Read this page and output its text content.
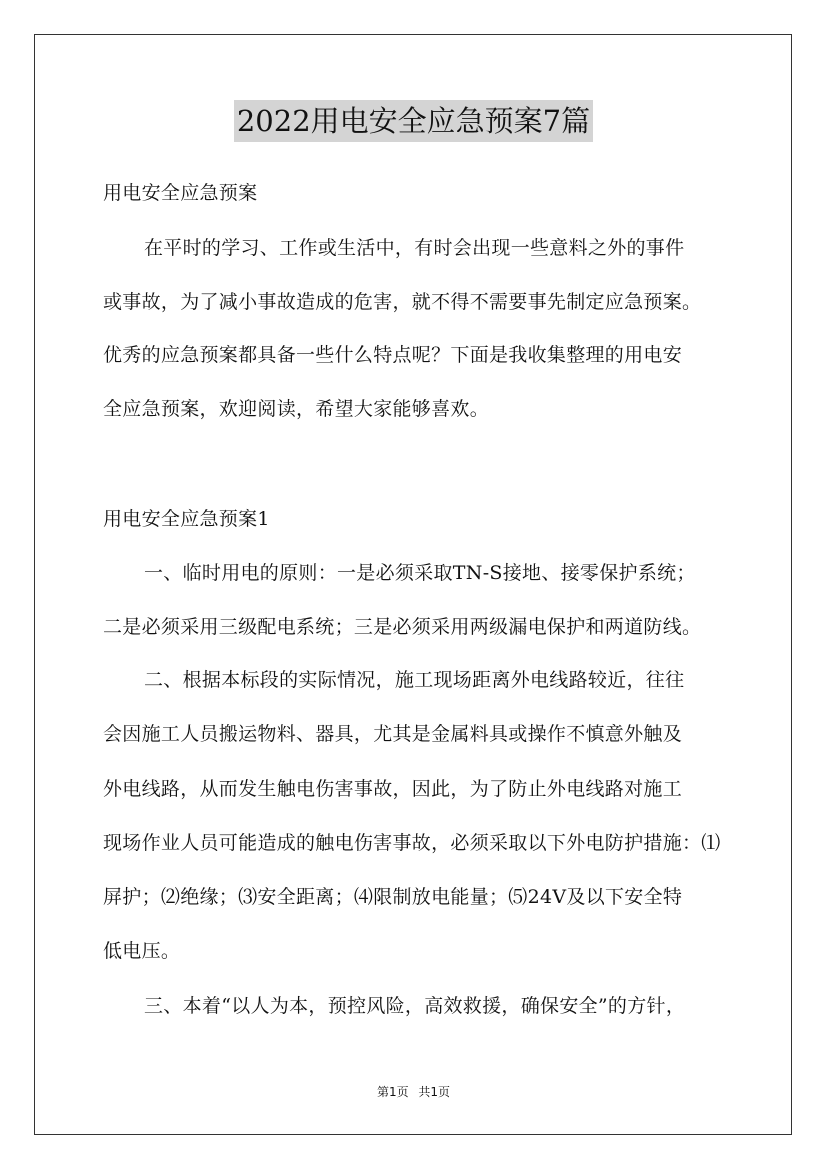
2022用电安全应急预案7篇
用电安全应急预案
在平时的学习、工作或生活中，有时会出现一些意料之外的事件
或事故，为了减小事故造成的危害，就不得不需要事先制定应急预案。
优秀的应急预案都具备一些什么特点呢？下面是我收集整理的用电安
全应急预案，欢迎阅读，希望大家能够喜欢。
用电安全应急预案1
一、临时用电的原则：一是必须采取TN-S接地、接零保护系统；
二是必须采用三级配电系统；三是必须采用两级漏电保护和两道防线。
二、根据本标段的实际情况，施工现场距离外电线路较近，往往
会因施工人员搬运物料、器具，尤其是金属料具或操作不慎意外触及
外电线路，从而发生触电伤害事故，因此，为了防止外电线路对施工
现场作业人员可能造成的触电伤害事故，必须采取以下外电防护措施：⑴
屏护；⑵绝缘；⑶安全距离；⑷限制放电能量；⑸24V及以下安全特
低电压。
三、本着“以人为本，预控风险，高效救援，确保安全”的方针，
第1页 共1页
